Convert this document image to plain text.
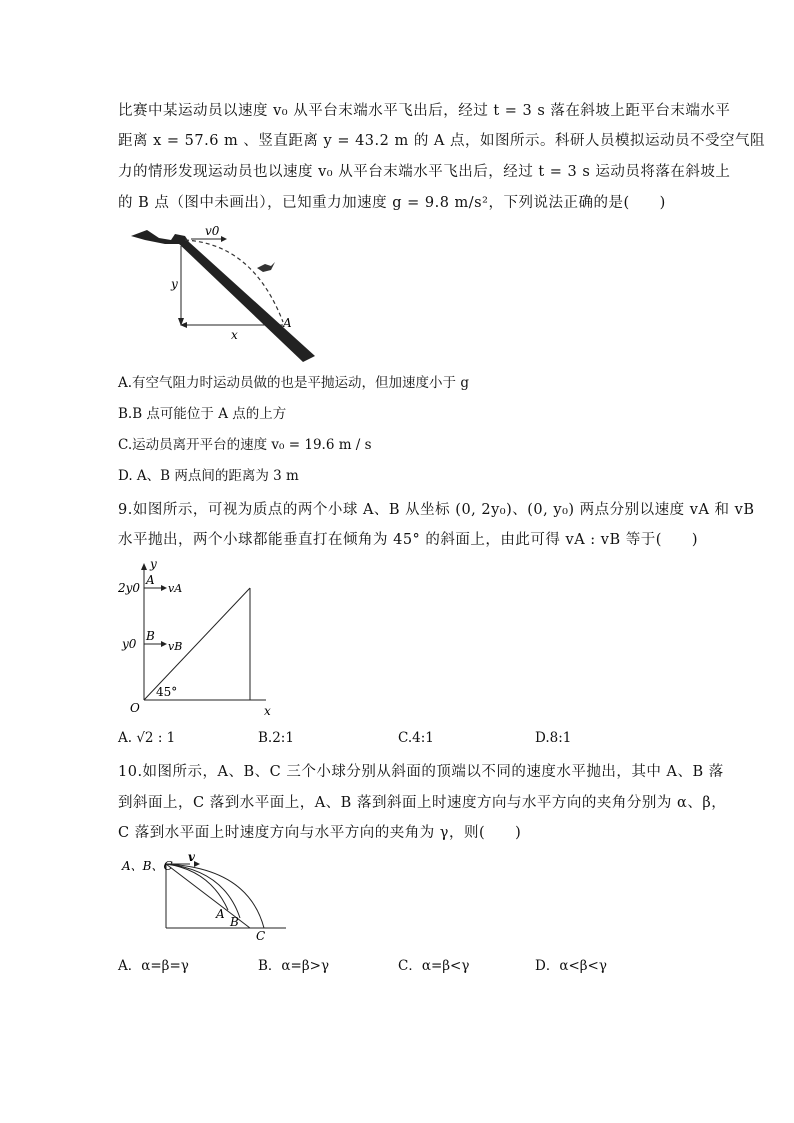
比赛中某运动员以速度 v₀ 从平台末端水平飞出后，经过 t = 3 s 落在斜坡上距平台末端水平
距离 x = 57.6 m 、竖直距离 y = 43.2 m 的 A 点，如图所示。科研人员模拟运动员不受空气阻
力的情形发现运动员也以速度 v₀ 从平台末端水平飞出后，经过 t = 3 s 运动员将落在斜坡上
的 B 点（图中未画出），已知重力加速度 g = 9.8 m/s²，下列说法正确的是(　　)
v0
y
x
A
A.有空气阻力时运动员做的也是平抛运动，但加速度小于 g
B.B 点可能位于 A 点的上方
C.运动员离开平台的速度 v₀ = 19.6 m / s
D. A、B 两点间的距离为 3 m
9.如图所示，可视为质点的两个小球 A、B 从坐标 (0, 2y₀)、(0, y₀) 两点分别以速度 vA 和 vB
水平抛出，两个小球都能垂直打在倾角为 45° 的斜面上，由此可得 vA : vB 等于(　　)
y
x
O
45°
2y0
y0
A
vA
B
vB
A. √2 : 1	B.2:1	C.4:1	D.8:1
10.如图所示，A、B、C 三个小球分别从斜面的顶端以不同的速度水平抛出，其中 A、B 落
到斜面上，C 落到水平面上，A、B 落到斜面上时速度方向与水平方向的夹角分别为 α、β，
C 落到水平面上时速度方向与水平方向的夹角为 γ，则(　　)
v
A、B、C
A
B
C
A．α=β=γ	B．α=β>γ	C．α=β<γ	D．α<β<γ
